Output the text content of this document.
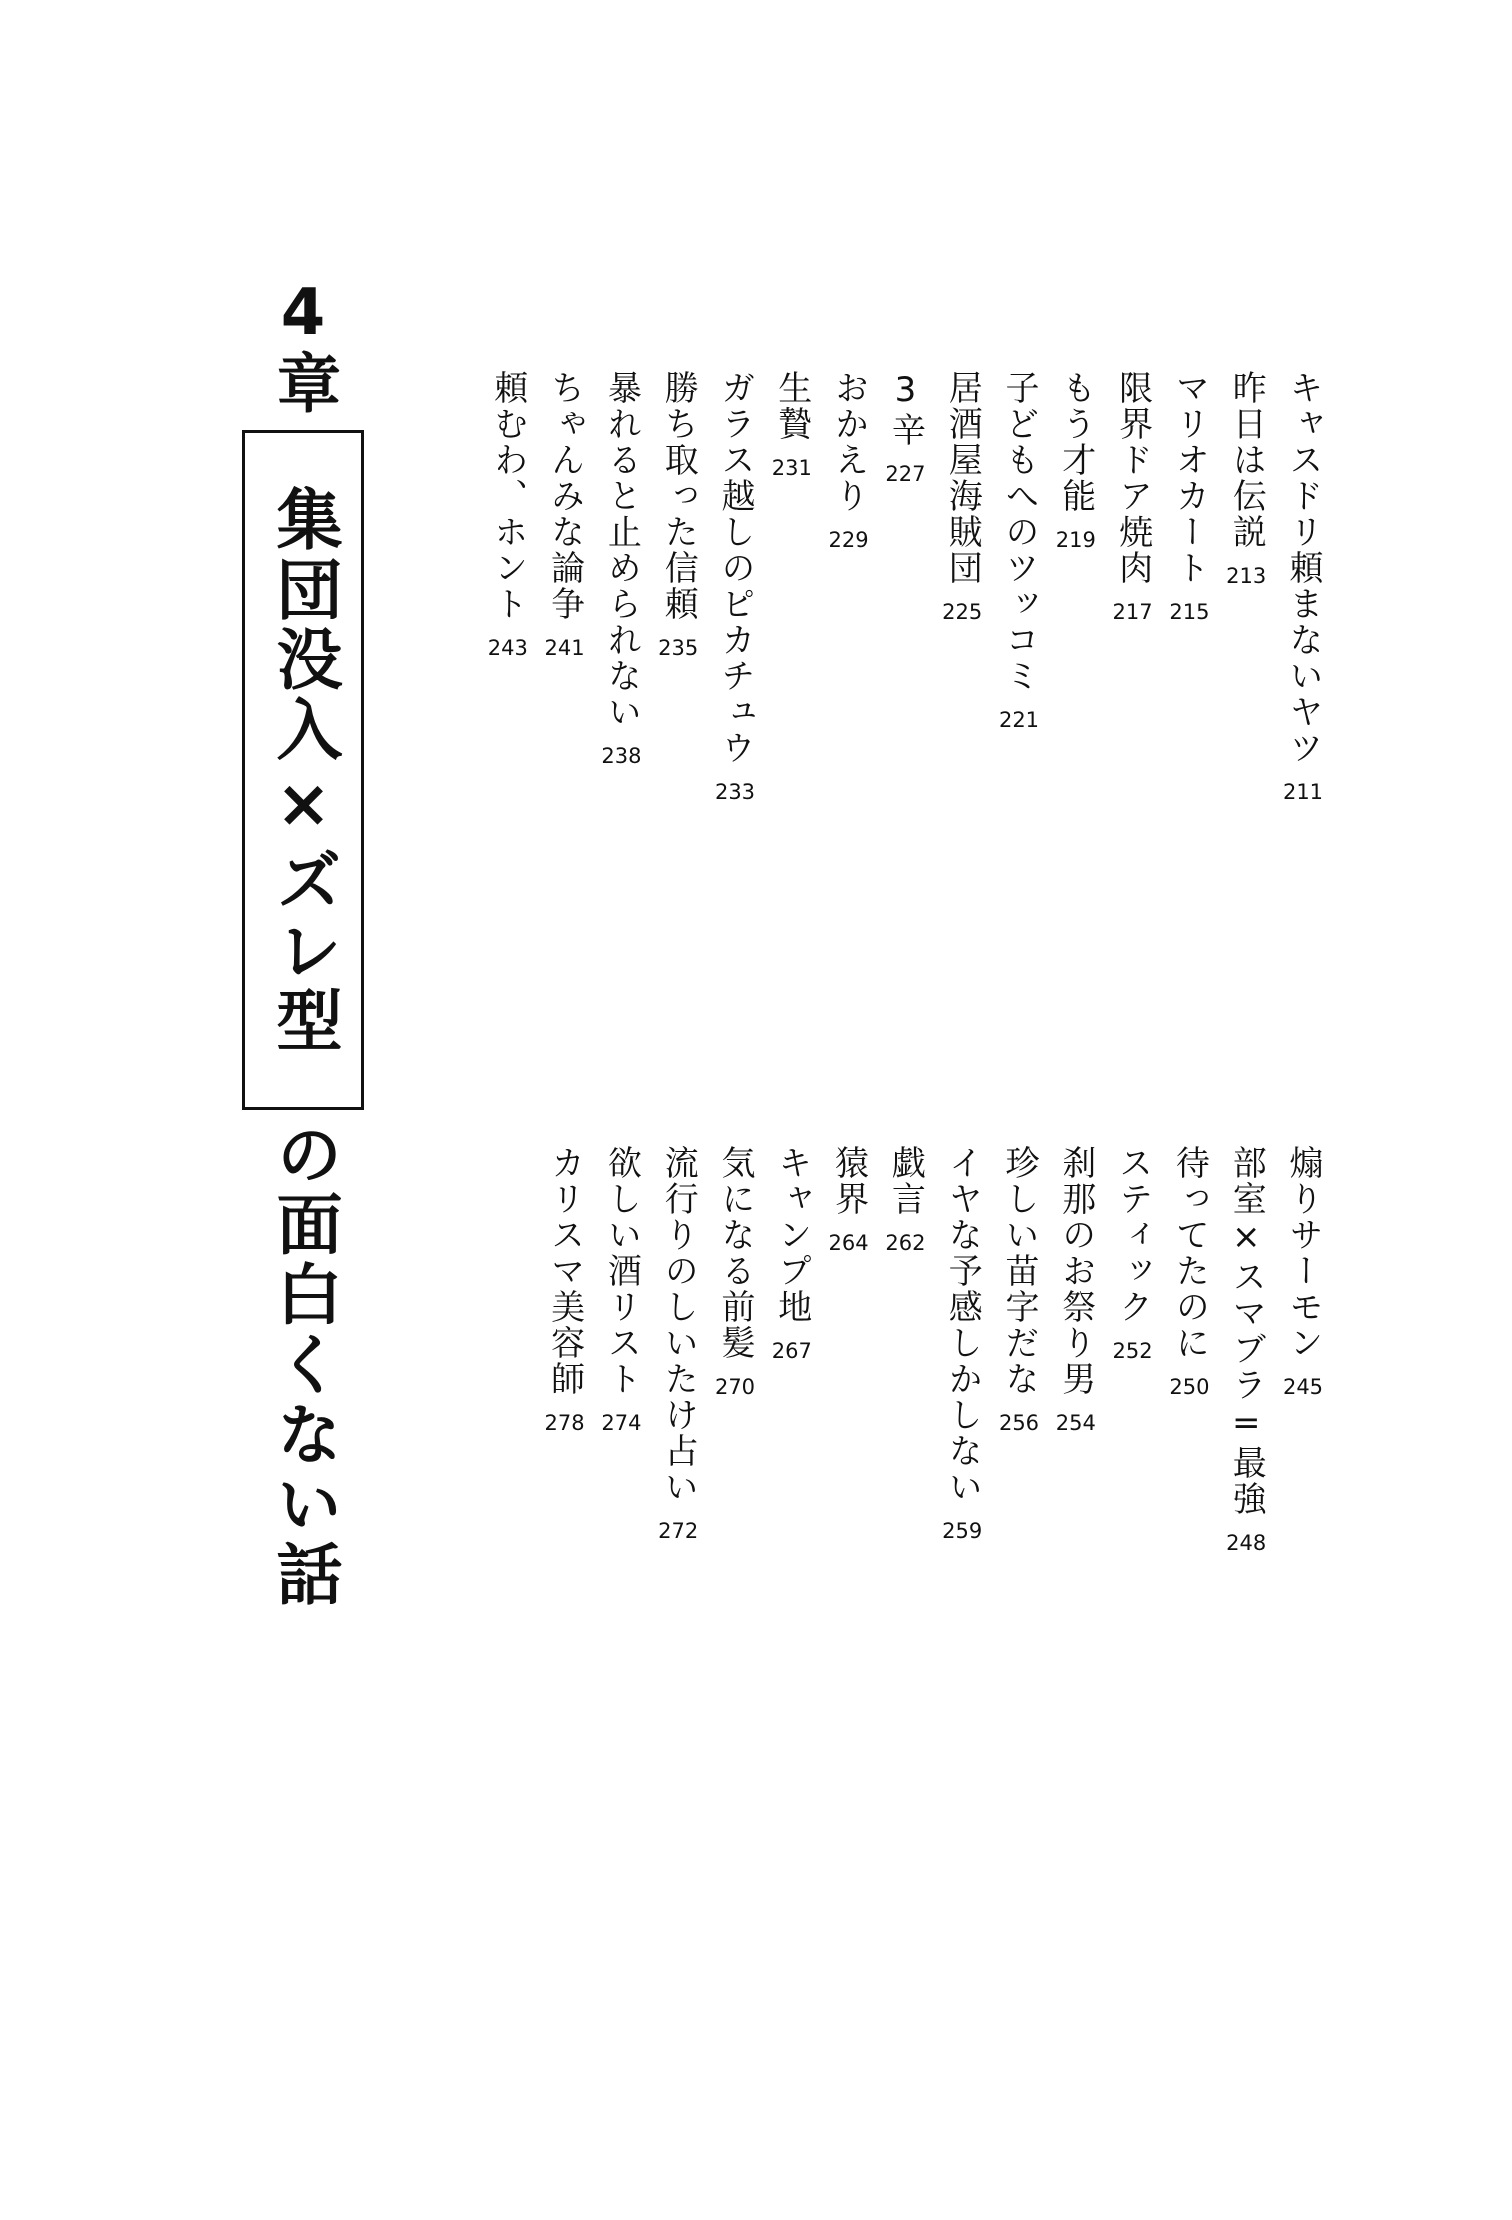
4章
集団没入×ズレ型
の面白くない話
キャスドリ頼まないヤツ
211
昨日は伝説
213
マリオカート
215
限界ドア焼肉
217
もう才能
219
子どもへのツッコミ
221
居酒屋海賊団
225
3辛
227
おかえり
229
生贄
231
ガラス越しのピカチュウ
233
勝ち取った信頼
235
暴れると止められない
238
ちゃんみな論争
241
頼むわ、ホント
243
煽りサーモン
245
部室×スマブラ=最強
248
待ってたのに
250
スティック
252
刹那のお祭り男
254
珍しい苗字だな
256
イヤな予感しかしない
259
戯言
262
猿界
264
キャンプ地
267
気になる前髪
270
流行りのしいたけ占い
272
欲しい酒リスト
274
カリスマ美容師
278
